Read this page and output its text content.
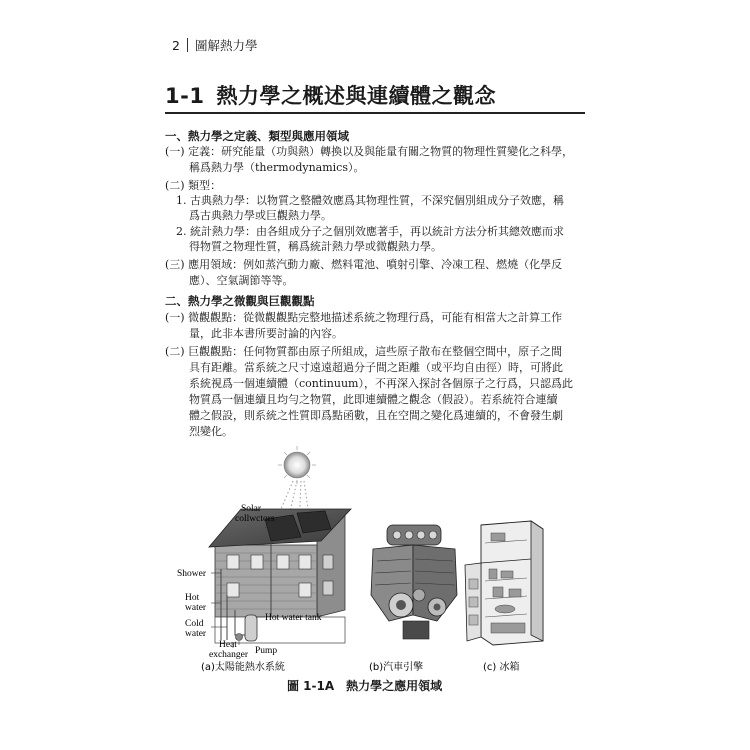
2 圖解熱力學
1-1 熱力學之概述與連續體之觀念
一、熱力學之定義、類型與應用領域
(一) 定義：研究能量（功與熱）轉換以及與能量有關之物質的物理性質變化之科學，
稱爲熱力學（thermodynamics）。
(二) 類型：
1. 古典熱力學：以物質之整體效應爲其物理性質，不深究個別組成分子效應，稱
爲古典熱力學或巨觀熱力學。
2. 統計熱力學：由各組成分子之個別效應著手，再以統計方法分析其總效應而求
得物質之物理性質，稱爲統計熱力學或微觀熱力學。
(三) 應用領域：例如蒸汽動力廠、燃料電池、噴射引擎、冷凍工程、燃燒（化學反
應）、空氣調節等等。
二、熱力學之微觀與巨觀觀點
(一) 微觀觀點：從微觀觀點完整地描述系統之物理行爲，可能有相當大之計算工作
量，此非本書所要討論的內容。
(二) 巨觀觀點：任何物質都由原子所組成，這些原子散布在整個空間中，原子之間
具有距離。當系統之尺寸遠遠超過分子間之距離（或平均自由徑）時，可將此
系統視爲一個連續體（continuum），不再深入探討各個原子之行爲，只認爲此
物質爲一個連續且均勻之物質，此即連續體之觀念（假設）。若系統符合連續
體之假設，則系統之性質即爲點函數，且在空間之變化爲連續的，不會發生劇
烈變化。
Solar
collwctors
Shower
Hot
water
Cold
water
Heat
exchanger
Hot water tank
Pump
(a)太陽能熱水系統	(b)汽車引擎	(c) 冰箱
圖 1-1A　熱力學之應用領域
